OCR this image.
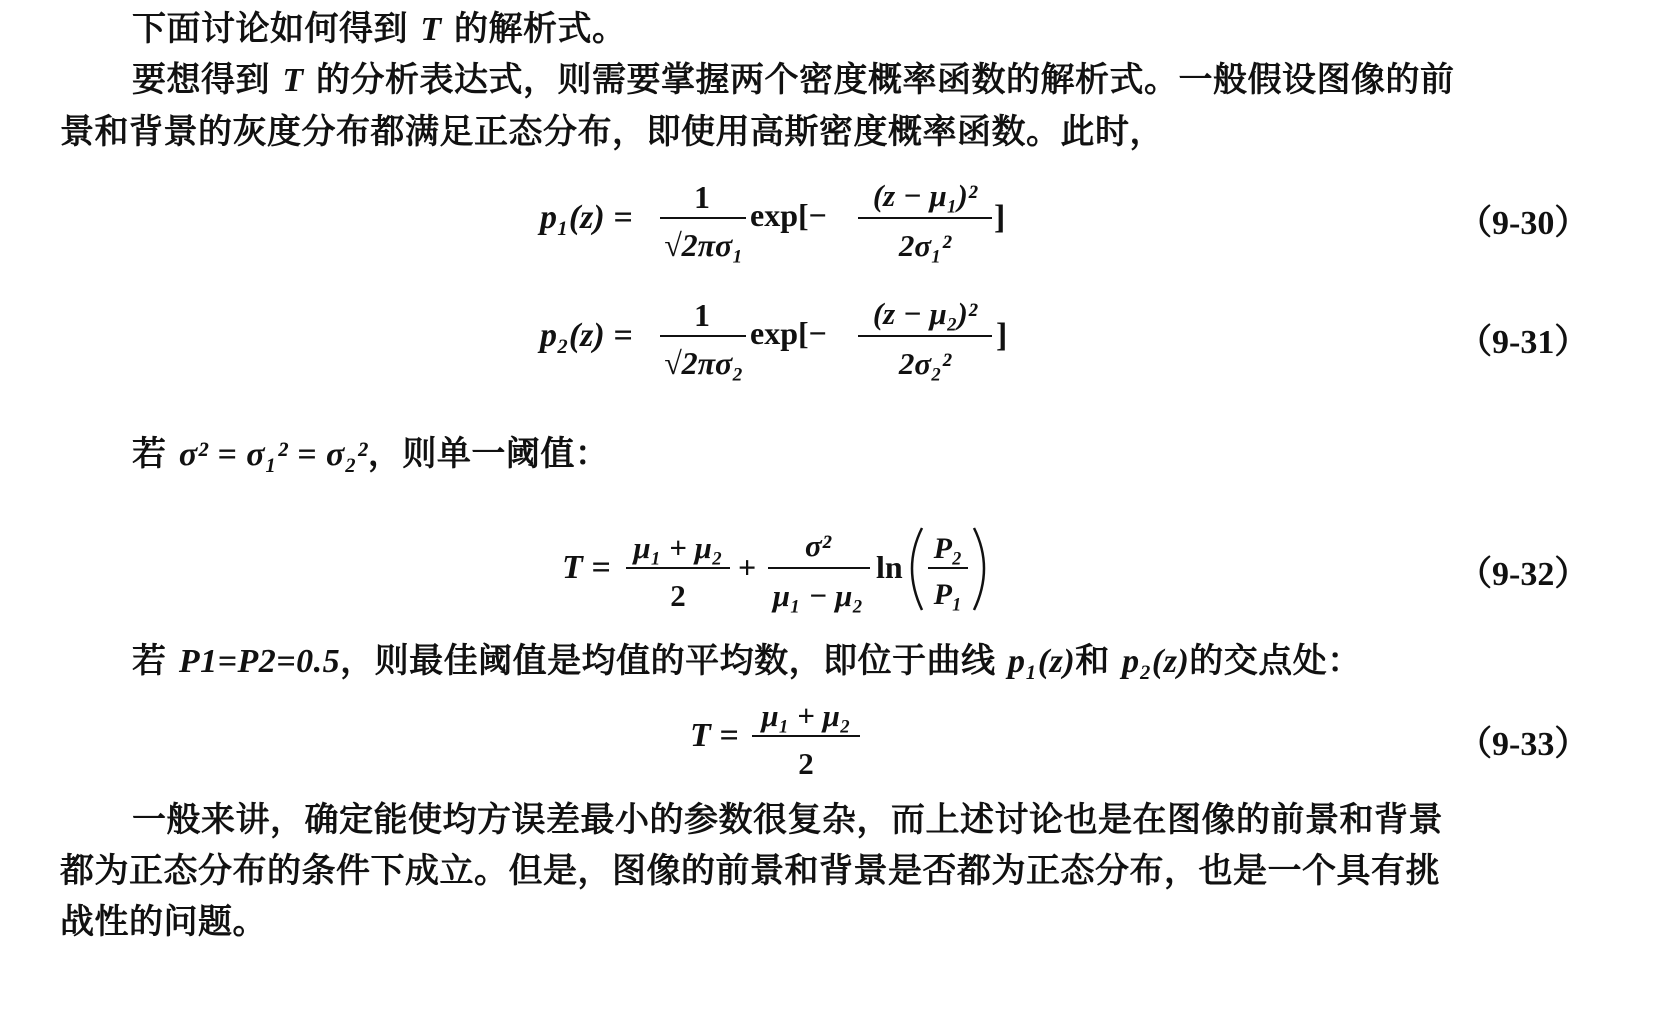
下面讨论如何得到 T 的解析式。
要想得到 T 的分析表达式，则需要掌握两个密度概率函数的解析式。一般假设图像的前
景和背景的灰度分布都满足正态分布，即使用高斯密度概率函数。此时，
p₁(z) =
1
√2πσ₁
exp[−
(z − μ₁)²
2σ₁²
]	（9-30）
p₂(z) =
1
√2πσ₂
exp[−
(z − μ₂)²
2σ₂²
]	（9-31）
若 σ² = σ₁² = σ₂²，则单一阈值：
T =
μ₁ + μ₂
2
+
σ²
μ₁ − μ₂
ln
P₂
P₁
（9-32）
若 P1=P2=0.5，则最佳阈值是均值的平均数，即位于曲线 p₁(z)和 p₂(z)的交点处：
T =
μ₁ + μ₂
2
（9-33）
一般来讲，确定能使均方误差最小的参数很复杂，而上述讨论也是在图像的前景和背景
都为正态分布的条件下成立。但是，图像的前景和背景是否都为正态分布，也是一个具有挑
战性的问题。
